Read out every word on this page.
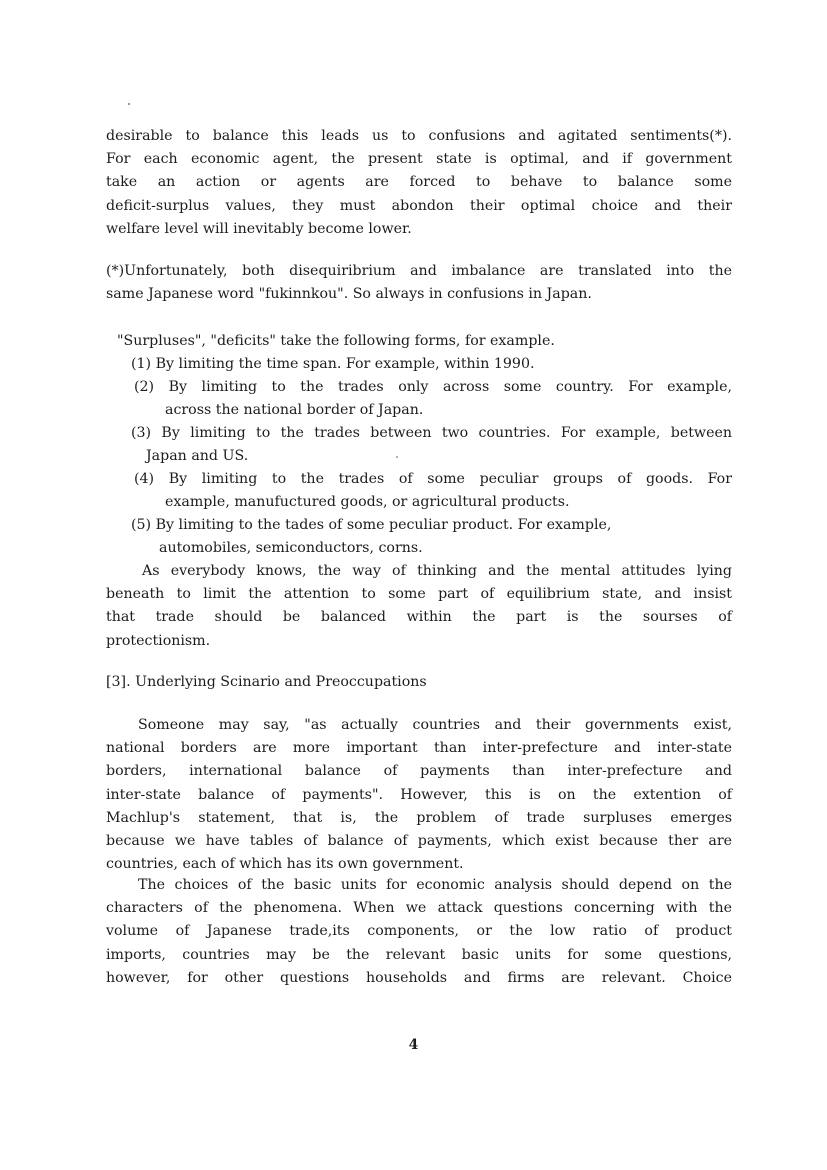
desirable to balance this leads us to confusions and agitated sentiments(*).
For each economic agent, the present state is optimal, and if government
take an action or agents are forced to behave to balance some
deficit-surplus values, they must abondon their optimal choice and their
welfare level will inevitably become lower.
(*)Unfortunately, both disequiribrium and imbalance are translated into the
same Japanese word "fukinnkou". So always in confusions in Japan.
"Surpluses", "deficits" take the following forms, for example.
(1) By limiting the time span. For example, within 1990.
(2) By limiting to the trades only across some country. For example,
across the national border of Japan.
(3) By limiting to the trades between two countries. For example, between
Japan and US.
(4) By limiting to the trades of some peculiar groups of goods. For
example, manufuctured goods, or agricultural products.
(5) By limiting to the tades of some peculiar product. For example,
automobiles, semiconductors, corns.
As everybody knows, the way of thinking and the mental attitudes lying
beneath to limit the attention to some part of equilibrium state, and insist
that trade should be balanced within the part is the sourses of
protectionism.
[3]. Underlying Scinario and Preoccupations
Someone may say, "as actually countries and their governments exist,
national borders are more important than inter-prefecture and inter-state
borders, international balance of payments than inter-prefecture and
inter-state balance of payments". However, this is on the extention of
Machlup's statement, that is, the problem of trade surpluses emerges
because we have tables of balance of payments, which exist because ther are
countries, each of which has its own government.
The choices of the basic units for economic analysis should depend on the
characters of the phenomena. When we attack questions concerning with the
volume of Japanese trade,its components, or the low ratio of product
imports, countries may be the relevant basic units for some questions,
however, for other questions households and firms are relevant. Choice
4
